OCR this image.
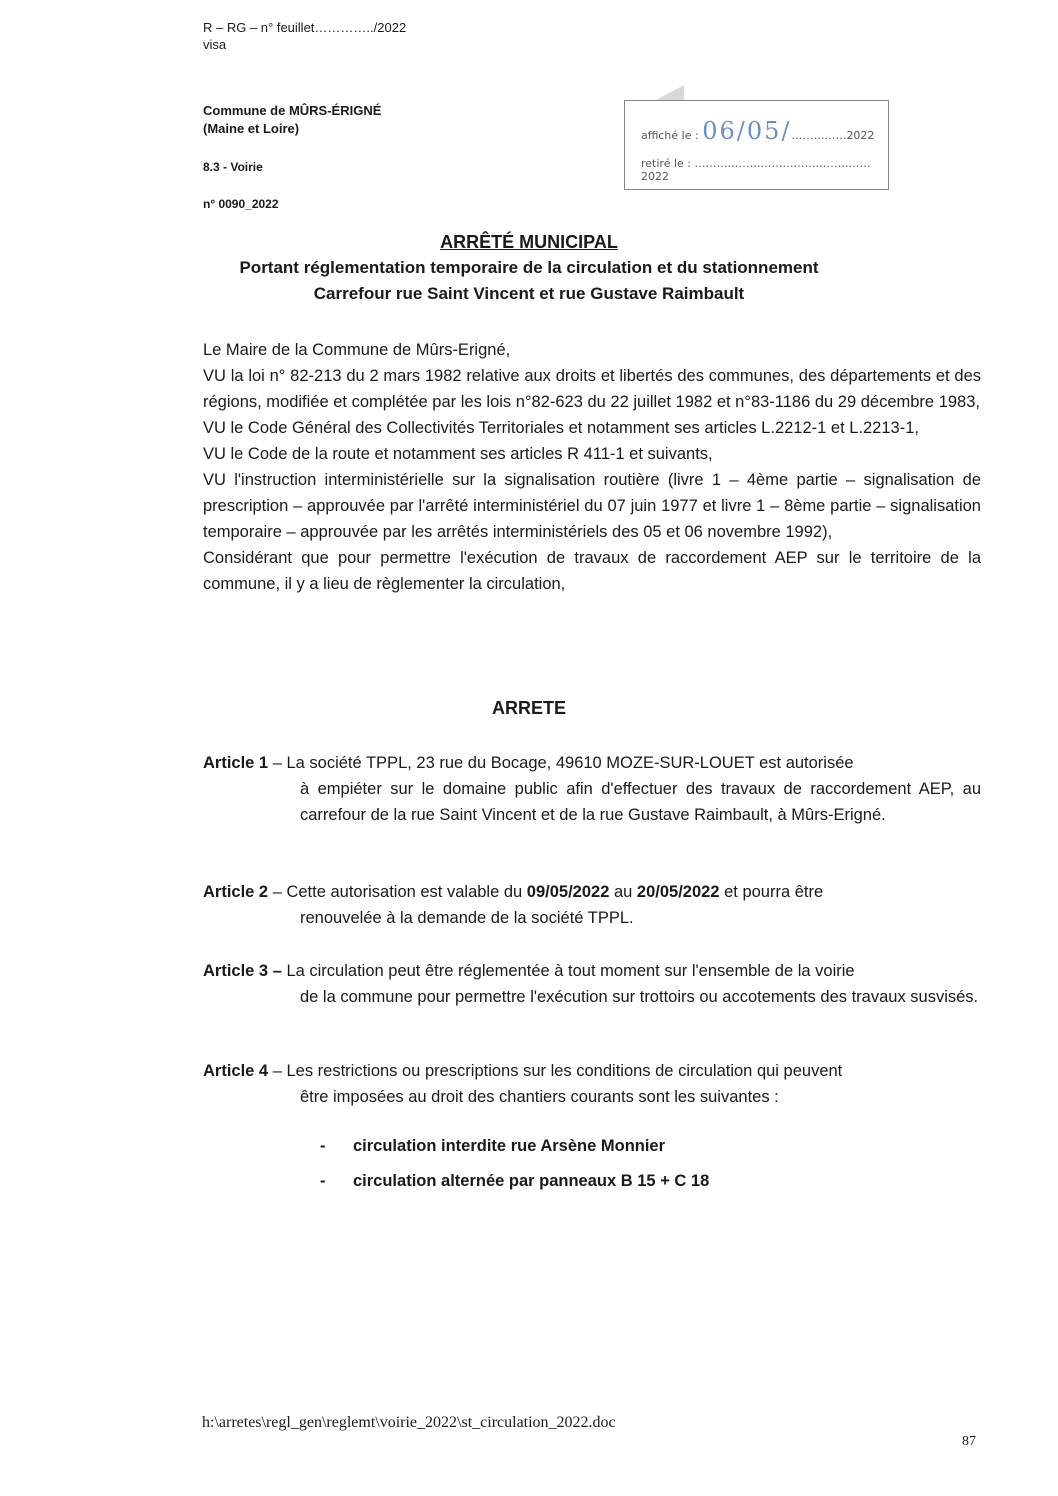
R – RG – n° feuillet…………../2022
visa
Commune de MÛRS-ÉRIGNÉ
(Maine et Loire)
8.3 - Voirie
n° 0090_2022
affiché le : 06/05/……………2022
retiré le : …………………………………………2022
ARRÊTÉ MUNICIPAL
Portant réglementation temporaire de la circulation et du stationnement
Carrefour rue Saint Vincent et rue Gustave Raimbault
Le Maire de la Commune de Mûrs-Erigné,
VU la loi n° 82-213 du 2 mars 1982 relative aux droits et libertés des communes, des départements et des régions, modifiée et complétée par les lois n°82-623 du 22 juillet 1982 et n°83-1186 du 29 décembre 1983,
VU le Code Général des Collectivités Territoriales et notamment ses articles L.2212-1 et L.2213-1,
VU le Code de la route et notamment ses articles R 411-1 et suivants,
VU l'instruction interministérielle sur la signalisation routière (livre 1 – 4ème partie – signalisation de prescription – approuvée par l'arrêté interministériel du 07 juin 1977 et livre 1 – 8ème partie – signalisation temporaire – approuvée par les arrêtés interministériels des 05 et 06 novembre 1992),
Considérant que pour permettre l'exécution de travaux de raccordement AEP sur le territoire de la commune, il y a lieu de règlementer la circulation,
ARRETE
Article 1 – La société TPPL, 23 rue du Bocage, 49610 MOZE-SUR-LOUET est autorisée
à empiéter sur le domaine public afin d'effectuer des travaux de raccordement AEP, au carrefour de la rue Saint Vincent et de la rue Gustave Raimbault, à Mûrs-Erigné.
Article 2 – Cette autorisation est valable du 09/05/2022 au 20/05/2022 et pourra être
renouvelée à la demande de la société TPPL.
Article 3 – La circulation peut être réglementée à tout moment sur l'ensemble de la voirie
de la commune pour permettre l'exécution sur trottoirs ou accotements des travaux susvisés.
Article 4 – Les restrictions ou prescriptions sur les conditions de circulation qui peuvent
être imposées au droit des chantiers courants sont les suivantes :
- circulation interdite rue Arsène Monnier
- circulation alternée par panneaux B 15 + C 18
h:\arretes\regl_gen\reglemt\voirie_2022\st_circulation_2022.doc
87
